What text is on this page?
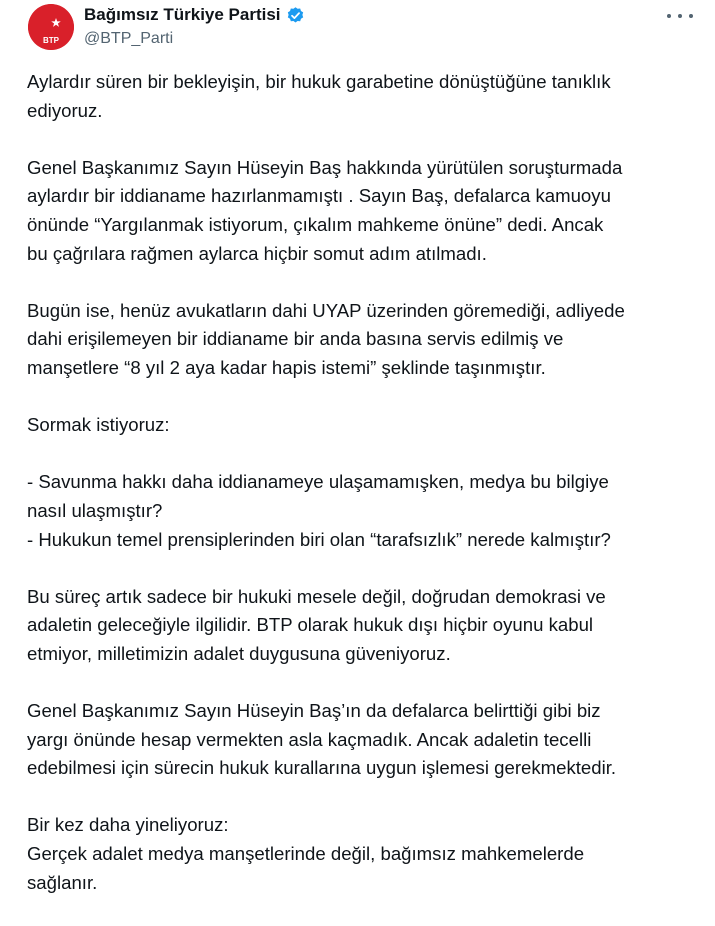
BTP
Bağımsız Türkiye Partisi
@BTP_Parti

Aylardır süren bir bekleyişin, bir hukuk garabetine dönüştüğüne tanıklık
ediyoruz.

Genel Başkanımız Sayın Hüseyin Baş hakkında yürütülen soruşturmada
aylardır bir iddianame hazırlanmamıştı . Sayın Baş, defalarca kamuoyu
önünde “Yargılanmak istiyorum, çıkalım mahkeme önüne” dedi. Ancak
bu çağrılara rağmen aylarca hiçbir somut adım atılmadı.

Bugün ise, henüz avukatların dahi UYAP üzerinden göremediği, adliyede
dahi erişilemeyen bir iddianame bir anda basına servis edilmiş ve
manşetlere “8 yıl 2 aya kadar hapis istemi” şeklinde taşınmıştır.

Sormak istiyoruz:

- Savunma hakkı daha iddianameye ulaşamamışken, medya bu bilgiye
nasıl ulaşmıştır?
- Hukukun temel prensiplerinden biri olan “tarafsızlık” nerede kalmıştır?

Bu süreç artık sadece bir hukuki mesele değil, doğrudan demokrasi ve
adaletin geleceğiyle ilgilidir. BTP olarak hukuk dışı hiçbir oyunu kabul
etmiyor, milletimizin adalet duygusuna güveniyoruz.

Genel Başkanımız Sayın Hüseyin Baş’ın da defalarca belirttiği gibi biz
yargı önünde hesap vermekten asla kaçmadık. Ancak adaletin tecelli
edebilmesi için sürecin hukuk kurallarına uygun işlemesi gerekmektedir.

Bir kez daha yineliyoruz:
Gerçek adalet medya manşetlerinde değil, bağımsız mahkemelerde
sağlanır.
